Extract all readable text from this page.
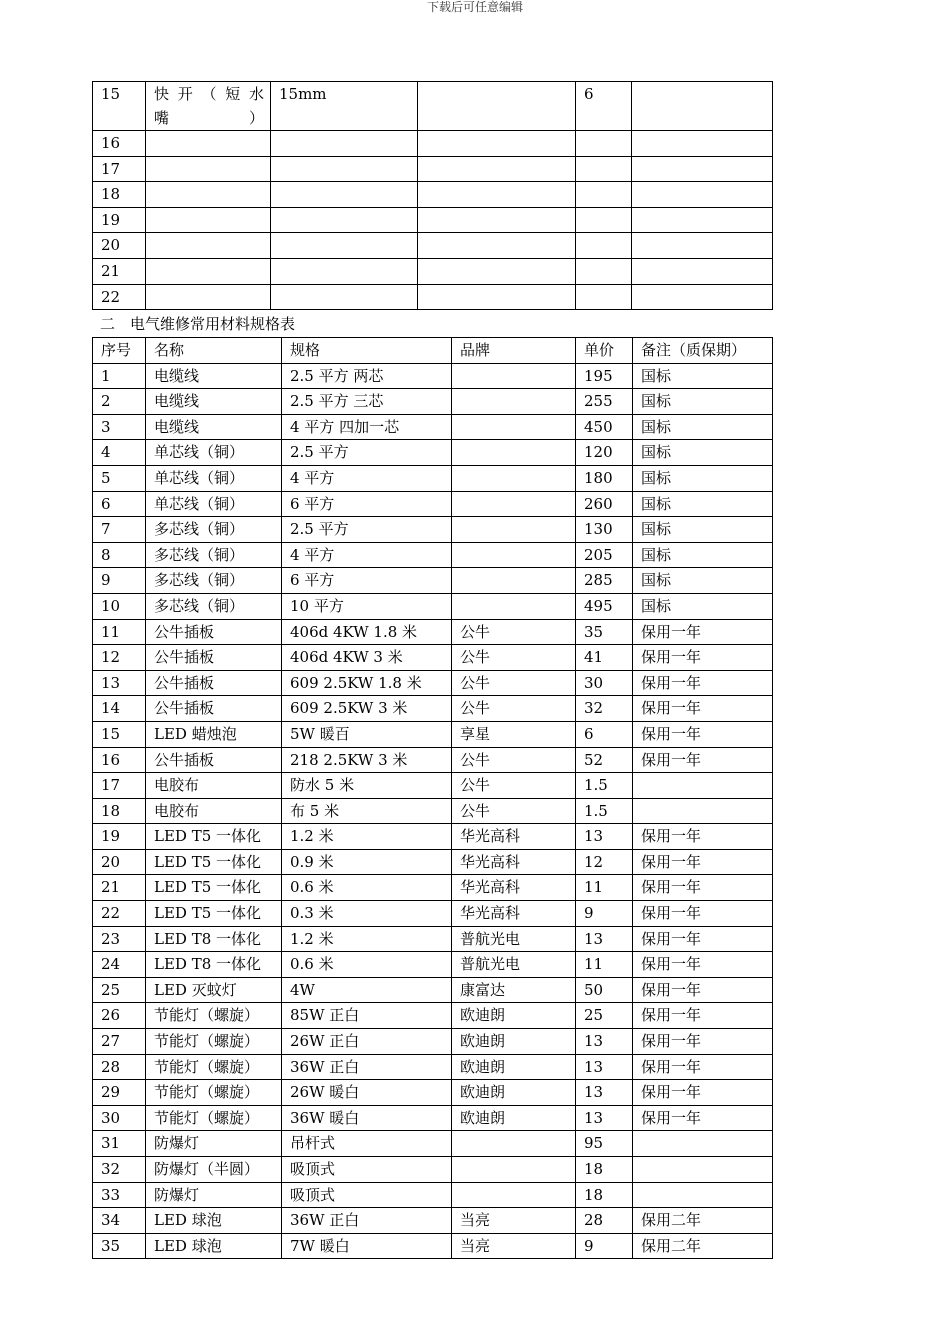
下载后可任意编辑
15	快 开 （ 短 水 嘴）	15mm		6	
16					
17					
18					
19					
20					
21					
22					
二　电气维修常用材料规格表
序号	名称	规格	品牌	单价	备注（质保期）
1	电缆线	2.5 平方 两芯		195	国标
2	电缆线	2.5 平方 三芯		255	国标
3	电缆线	4 平方 四加一芯		450	国标
4	单芯线（铜）	2.5 平方		120	国标
5	单芯线（铜）	4 平方		180	国标
6	单芯线（铜）	6 平方		260	国标
7	多芯线（铜）	2.5 平方		130	国标
8	多芯线（铜）	4 平方		205	国标
9	多芯线（铜）	6 平方		285	国标
10	多芯线（铜）	10 平方		495	国标
11	公牛插板	406d 4KW 1.8 米	公牛	35	保用一年
12	公牛插板	406d 4KW 3 米	公牛	41	保用一年
13	公牛插板	609 2.5KW 1.8 米	公牛	30	保用一年
14	公牛插板	609 2.5KW 3 米	公牛	32	保用一年
15	LED 蜡烛泡	5W 暖百	享星	6	保用一年
16	公牛插板	218 2.5KW 3 米	公牛	52	保用一年
17	电胶布	防水 5 米	公牛	1.5	
18	电胶布	布 5 米	公牛	1.5	
19	LED T5 一体化	1.2 米	华光高科	13	保用一年
20	LED T5 一体化	0.9 米	华光高科	12	保用一年
21	LED T5 一体化	0.6 米	华光高科	11	保用一年
22	LED T5 一体化	0.3 米	华光高科	9	保用一年
23	LED T8 一体化	1.2 米	普航光电	13	保用一年
24	LED T8 一体化	0.6 米	普航光电	11	保用一年
25	LED 灭蚊灯	4W	康富达	50	保用一年
26	节能灯（螺旋）	85W 正白	欧迪朗	25	保用一年
27	节能灯（螺旋）	26W 正白	欧迪朗	13	保用一年
28	节能灯（螺旋）	36W 正白	欧迪朗	13	保用一年
29	节能灯（螺旋）	26W 暖白	欧迪朗	13	保用一年
30	节能灯（螺旋）	36W 暖白	欧迪朗	13	保用一年
31	防爆灯	吊杆式		95	
32	防爆灯（半圆）	吸顶式		18	
33	防爆灯	吸顶式		18	
34	LED 球泡	36W 正白	当亮	28	保用二年
35	LED 球泡	7W 暖白	当亮	9	保用二年
